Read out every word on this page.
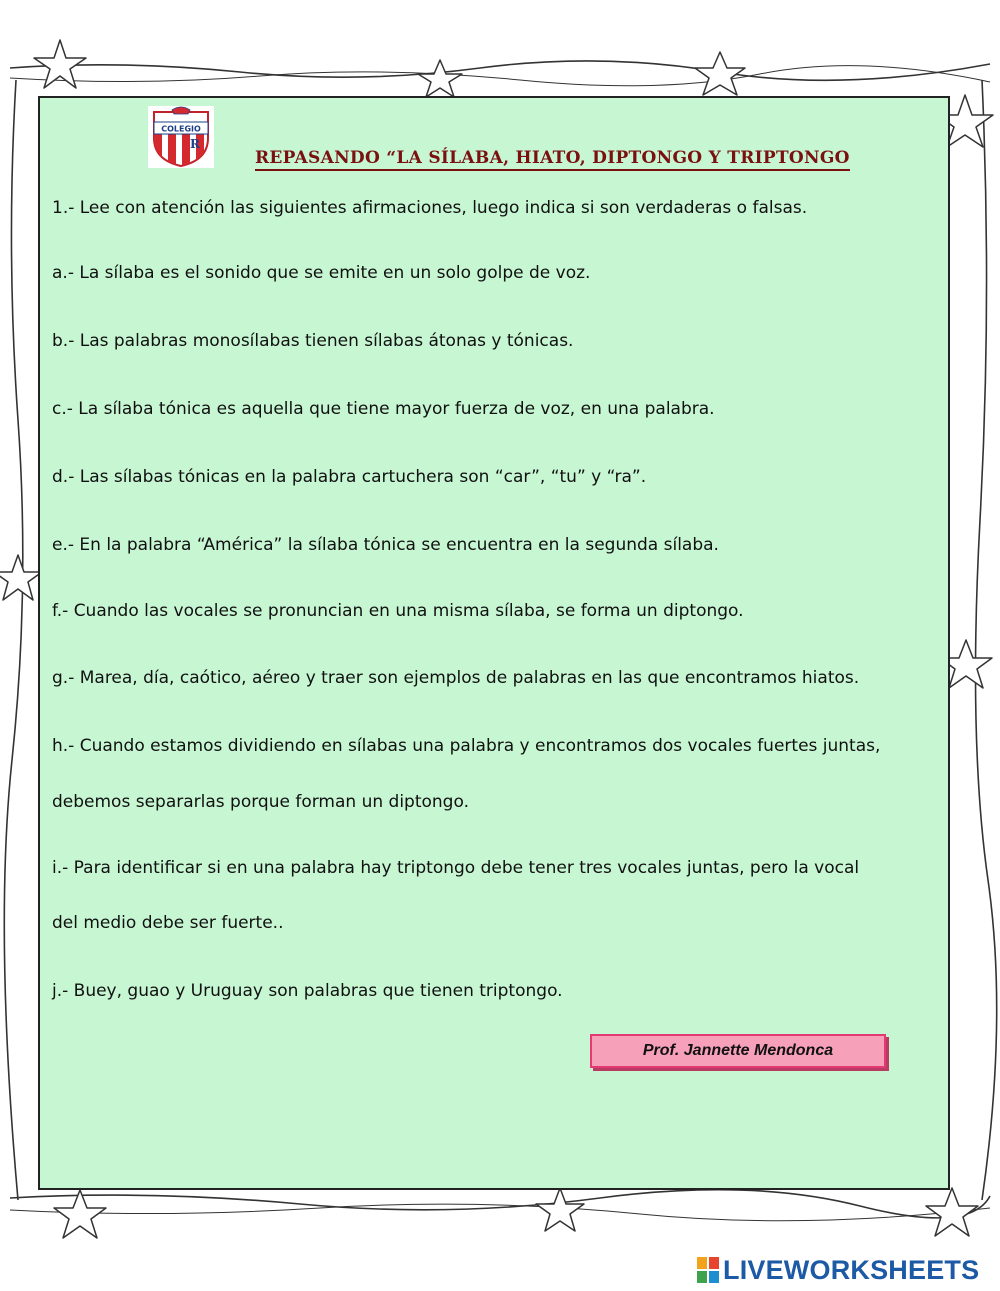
COLEGIO
R
REPASANDO “LA SÍLABA, HIATO, DIPTONGO Y TRIPTONGO
1.- Lee con atención las siguientes afirmaciones, luego indica si son verdaderas o falsas.
a.- La sílaba es el sonido que se emite en un solo golpe de voz.
b.- Las palabras monosílabas tienen sílabas átonas y tónicas.
c.- La sílaba tónica es aquella que tiene mayor fuerza de voz, en una palabra.
d.- Las sílabas tónicas en la palabra cartuchera son “car”, “tu” y “ra”.
e.- En la palabra “América” la sílaba tónica se encuentra en la segunda sílaba.
f.- Cuando las vocales se pronuncian en una misma sílaba, se forma un diptongo.
g.- Marea, día, caótico, aéreo y traer son ejemplos de palabras en las que encontramos hiatos.
h.- Cuando estamos dividiendo en sílabas una palabra y encontramos dos vocales fuertes juntas,
debemos separarlas porque forman un diptongo.
i.- Para identificar si en una palabra hay triptongo debe tener tres vocales juntas, pero la vocal
del medio debe ser fuerte..
j.- Buey, guao y Uruguay son palabras que tienen triptongo.
Prof. Jannette Mendonca
LIVEWORKSHEETS
